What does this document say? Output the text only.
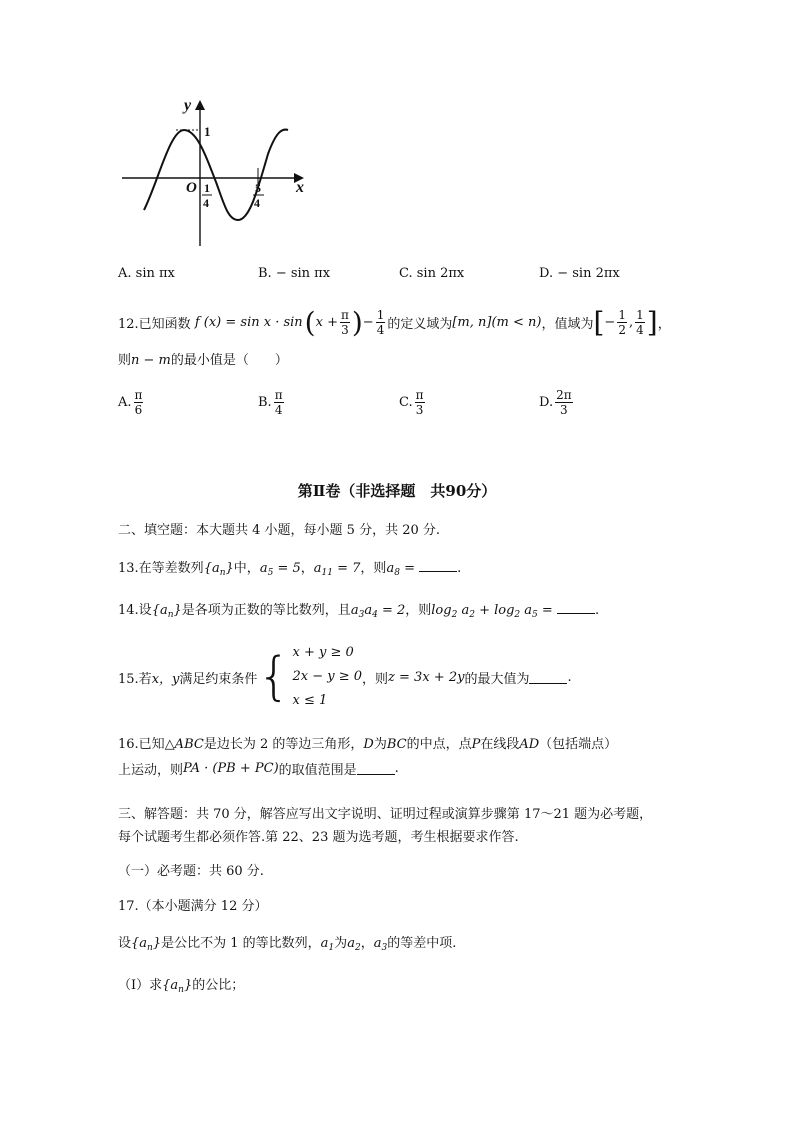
y
x
O
1
1
4
5
4
A. sin πx	B. − sin πx	C. sin 2πx	D. − sin 2πx
12.已知函数 f (x) = sin x · sin ( $x + \frac{\pi}{3}$ ) − $\frac{1}{4}$ 的定义域为 [m, n](m < n) ，值域为 [ − $\frac{1}{2}$ , $\frac{1}{4}$ ] ，
则n − m的最小值是（　　）
A. $\frac{\pi}{6}$	B. $\frac{\pi}{4}$	C. $\frac{\pi}{3}$	D. $\frac{2\pi}{3}$
第Ⅱ卷（非选择题　共90分）
二、填空题：本大题共 4 小题，每小题 5 分，共 20 分.
13.在等差数列$\{a_n\}$中，$a_5 = 5$，$a_{11} = 7$，则$a_8$ =	.
14.设$\{a_n\}$是各项为正数的等比数列，且$a_3a_4 = 2$，则$\log_2 a_2 + \log_2 a_5$ =	.
15.若 x，y 满足约束条件 { x + y ≥ 0
2x − y ≥ 0
x ≤ 1
，则 z = 3x + 2y 的最大值为	.
16.已知△ABC是边长为 2 的等边三角形，D为BC的中点，点P在线段AD（包括端点）
上运动，则 PA · (PB + PC) 的取值范围是	.
三、解答题：共 70 分，解答应写出文字说明、证明过程或演算步骤第 17～21 题为必考题，
每个试题考生都必须作答.第 22、23 题为选考题，考生根据要求作答.
（一）必考题：共 60 分.
17.（本小题满分 12 分）
设$\{a_n\}$是公比不为 1 的等比数列，$a_1$为$a_2$，$a_3$的等差中项.
（Ⅰ）求$\{a_n\}$的公比；
